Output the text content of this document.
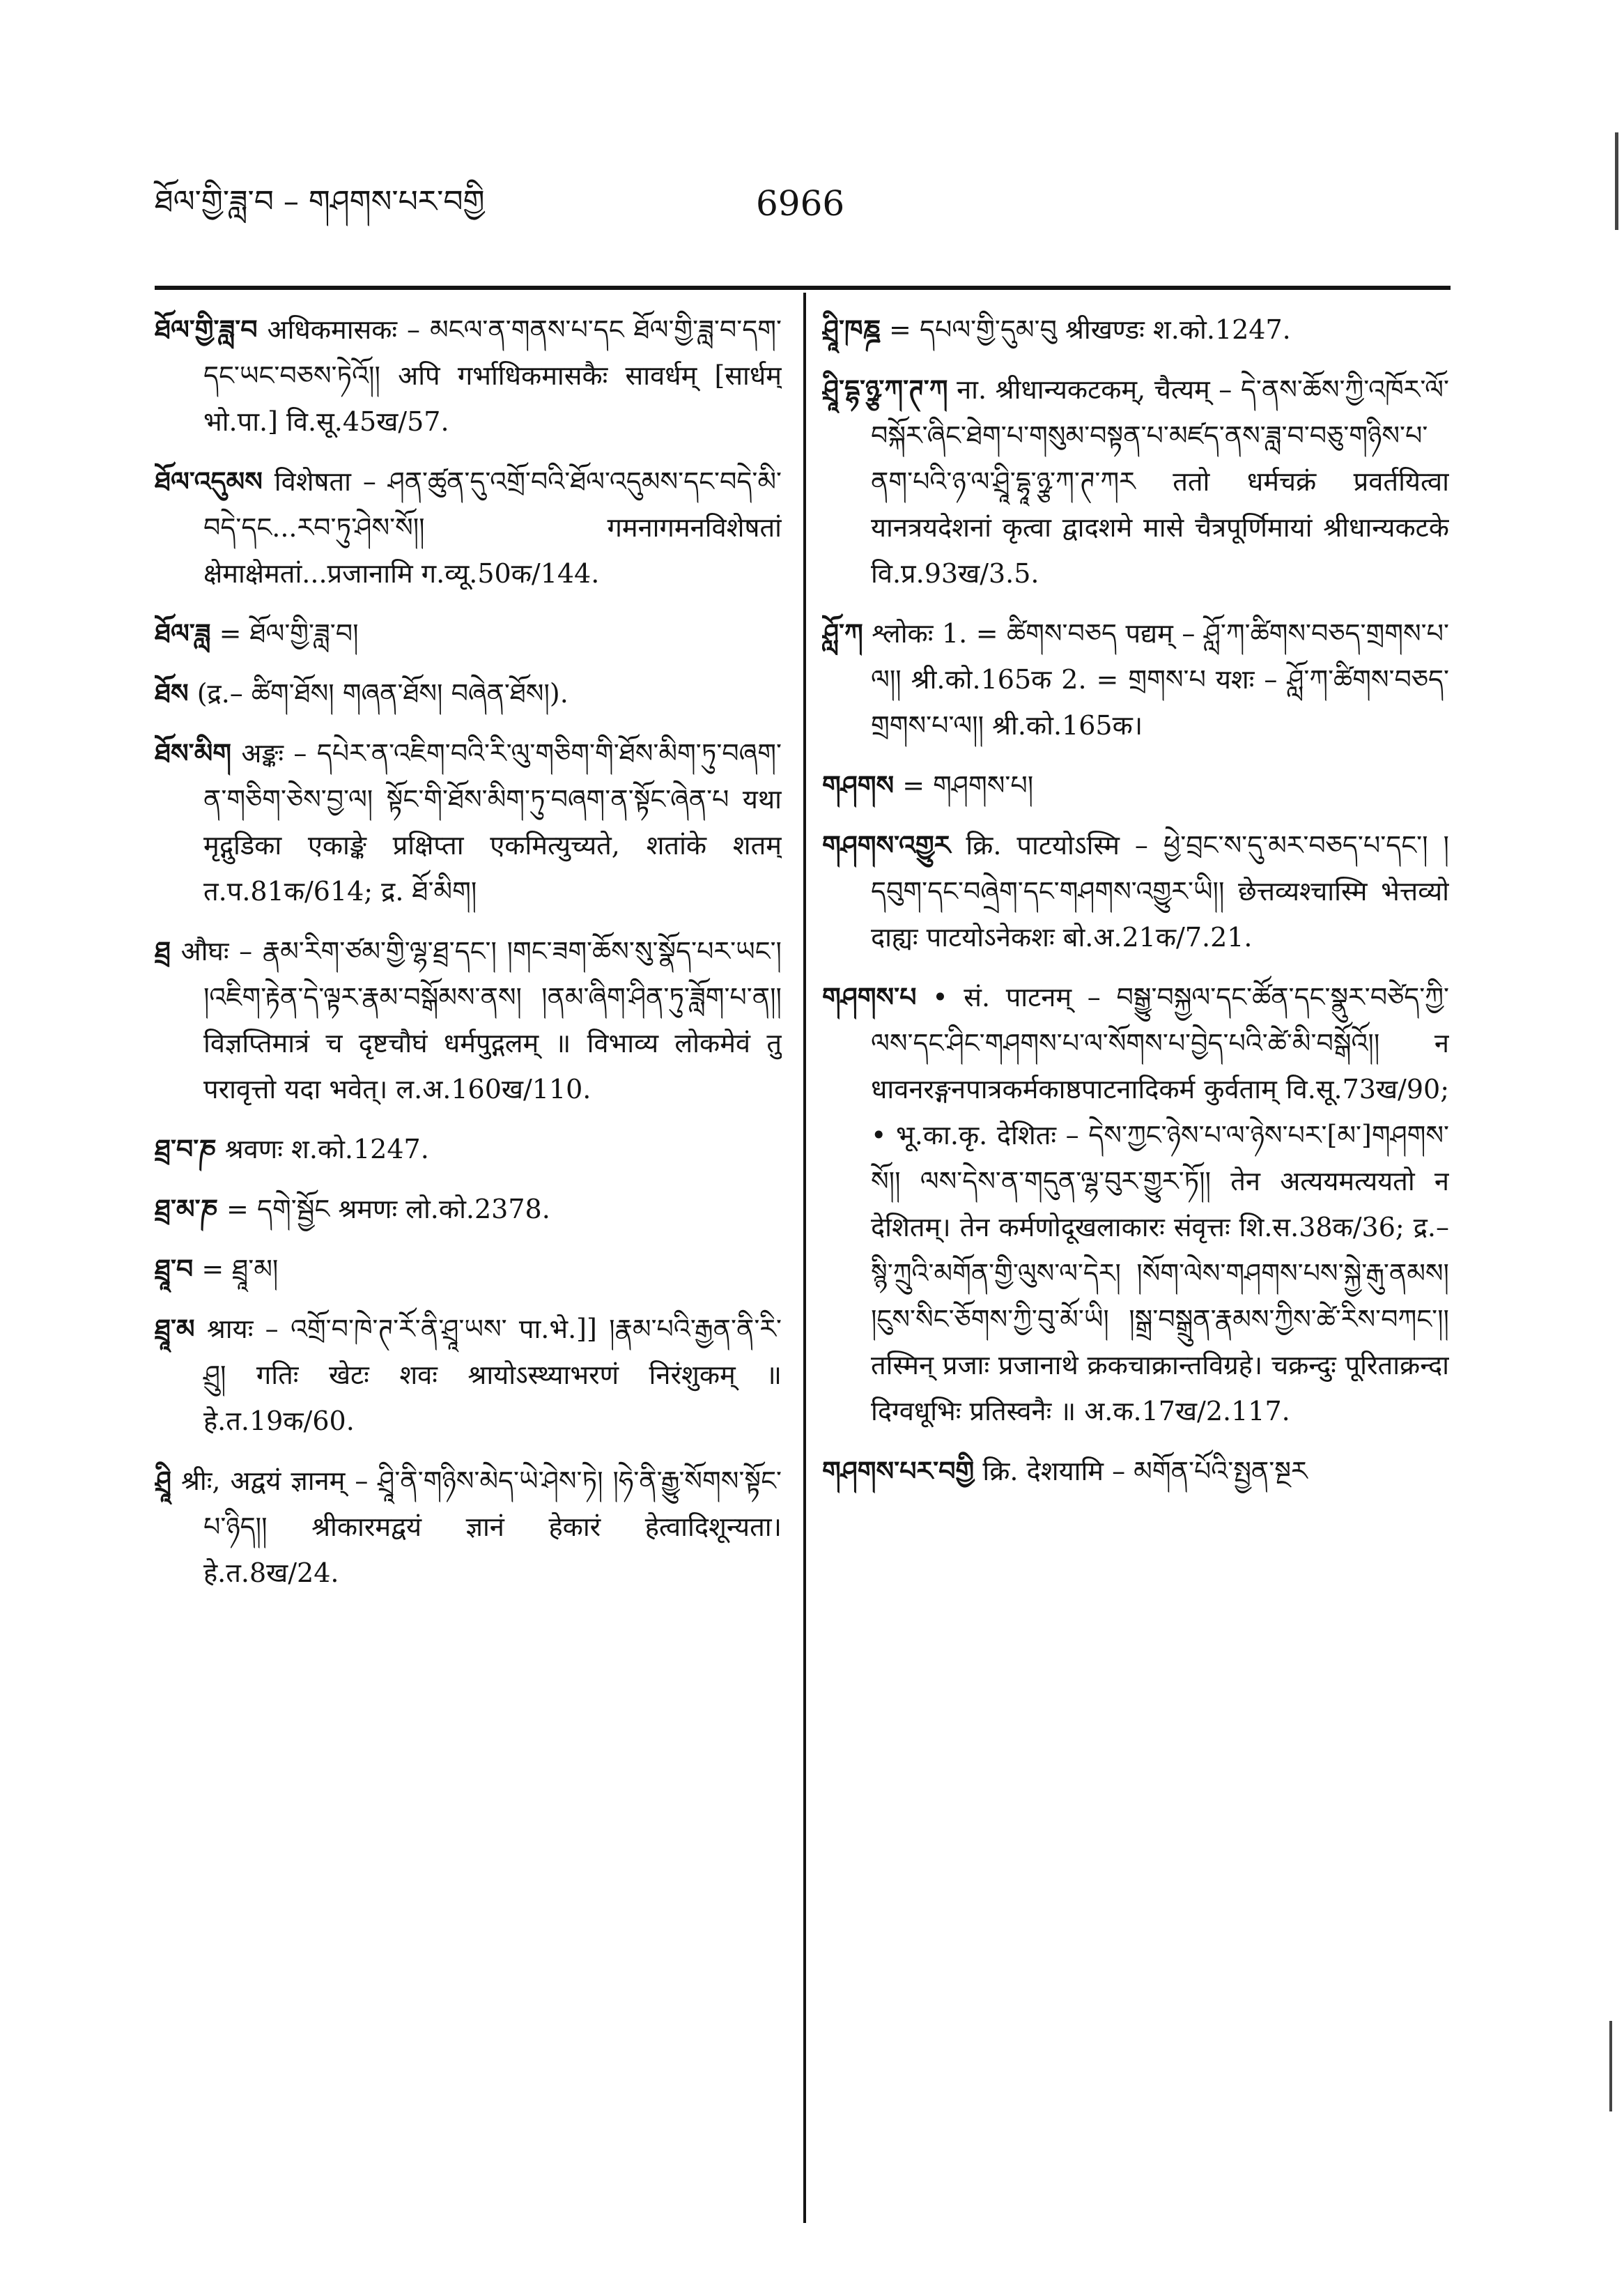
ཐོལ་གྱི་ཟླ་བ – གཤགས་པར་བགྱི	6966

ཐོལ་གྱི་ཟླ་བ अधिकमासकः – མངལ་ན་གནས་པ་དང ཐོལ་གྱི་ཟླ་བ་དག་དང་ཡང་བཅས་ཏེའོ།། अपि गर्भाधिकमासकैः सावर्धम् [सार्धम् भो.पा.] वि.सू.45ख/57.

ཐོལ་འདུམས विशेषता – ཤན་ཚུན་དུ་འགྲོ་བའི་ཐོལ་འདུམས་དང་བདེ་མི་བདེ་དང...རབ་ཏུ་ཤེས་སོ།། गमनागमनविशेषतां क्षेमाक्षेमतां...प्रजानामि ग.व्यू.50क/144.

ཐོལ་ཟླ = ཐོལ་གྱི་ཟླ་བ།

ཐོས (द्र.– ཚིག་ཐོས། གཞན་ཐོས། བཞེན་ཐོས།).

ཐོས་མིག अङ्कः – དཔེར་ན་འཇིག་བའི་རི་ལུ་གཅིག་གི་ཐོས་མིག་ཏུ་བཞག་ན་གཅིག་ཅེས་བྱ་ལ། སྟོང་གི་ཐོས་མིག་ཏུ་བཞག་ན་སྟོང་ཞེན་པ यथा मृद्गुडिका एकाङ्के प्रक्षिप्ता एकमित्युच्यते, शतांके शतम् त.प.81क/614; द्र. ཐོ་མིག།

ཐྲ औघः – རྣམ་རིག་ཙམ་གྱི་ལྷ་ཐྲ་དང་། །གང་ཟག་ཆོས་སུ་སྣོད་པར་ཡང་། །འཇིག་རྟེན་དེ་ལྟར་རྣམ་བསྒོམས་ནས། །ནམ་ཞིག་ཤིན་ཏུ་ཟློག་པ་ན།། विज्ञप्तिमात्रं च दृष्टचौघं धर्मपुद्गलम् ॥ विभाव्य लोकमेवं तु परावृत्तो यदा भवेत्। ल.अ.160ख/110.

ཐྲ་བ་ཎ श्रवणः श.को.1247.

ཐྲ་མ་ཎ = དགེ་སྦྱོང श्रमणः लो.को.2378.

ཐྲཱ་བ = ཐྲཱ་མ།

ཐྲཱ་མ श्रायः – འགྲོ་བ་ཁེ་ཊ་རོ་ནི་ཤྲཱ་ཡས་ पा.भे.]] །རྣམ་པའི་རྒྱན་ནི་རི་ཤྲུ། गतिः खेटः शवः श्रायोऽस्थ्याभरणं निरंशुकम् ॥ हे.त.19क/60.

ཤྲཱི श्रीः, अद्वयं ज्ञानम् – ཤྲཱི་ནི་གཉིས་མེད་ཡེ་ཤེས་ཏེ། །ཧེ་ནི་རྒྱུ་སོགས་སྟོང་པ་ཉིད།། श्रीकारमद्वयं ज्ञानं हेकारं हेत्वादिशून्यता। हे.त.8ख/24.

ཤྲཱི་ཁཎྜ = དཔལ་གྱི་དུམ་བུ श्रीखण्डः श.को.1247.

ཤྲཱི་དྷ་ཉྩ་ཀ་ཊ་ཀ ना. श्रीधान्यकटकम्, चैत्यम् – དེ་ནས་ཆོས་ཀྱི་འཁོར་ལོ་བསྐོར་ཞིང་ཐེག་པ་གསུམ་བསྟན་པ་མཛད་ནས་ཟླ་བ་བཅུ་གཉིས་པ་ནག་པའི་ཉ་ལ་ཤྲཱི་དྷཱ་ཉྩ་ཀ་ཊ་ཀར ततो धर्मचक्रं प्रवर्तयित्वा यानत्रयदेशनां कृत्वा द्वादशमे मासे चैत्रपूर्णिमायां श्रीधान्यकटके वि.प्र.93ख/3.5.

ཤློ་ཀ श्लोकः 1. = ཚིགས་བཅད पद्यम् – ཤློ་ཀ་ཚིགས་བཅད་གྲགས་པ་ལ།། श्री.को.165क 2. = གྲགས་པ यशः – ཤློ་ཀ་ཚིགས་བཅད་གྲགས་པ་ལ།། श्री.को.165क।

གཤགས = གཤགས་པ།

གཤགས་འགྱུར क्रि. पाटयोऽस्मि – ཕྱེ་བྲང་ས་དུ་མར་བཅད་པ་དང་། །དབུག་དང་བཞྲེག་དང་གཤགས་འགྱུར་ཡི།། छेत्तव्यश्चास्मि भेत्तव्यो दाह्यः पाटयोऽनेकशः बो.अ.21क/7.21.

གཤགས་པ • सं. पाटनम् – བསྒྱུ་བསྐྱལ་དང་ཚོན་དང་སྣུར་བཙེད་ཀྱི་ལས་དང་ཤིང་གཤགས་པ་ལ་སོགས་པ་བྱེད་པའི་ཚེ་མི་བསྒོའོ།། न धावनरङ्गनपात्रकर्मकाष्ठपाटनादिकर्म कुर्वताम् वि.सू.73ख/90; • भू.का.कृ. देशितः – དེས་ཀྱང་ཉེས་པ་ལ་ཉེས་པར་[མ་]གཤགས་སོ།། ལས་དེས་ན་གདུན་ལྷ་བུར་གྱུར་ཏོ།། तेन अत्ययमत्ययतो न देशितम्। तेन कर्मणोदूखलाकारः संवृत्तः शि.स.38क/36; द्र.– སྙི་ཀྲུའི་མགོན་གྱི་ལུས་ལ་དེར། །སོག་ལེས་གཤགས་པས་སྐྱེ་རྒུ་ནམས། །ངུས་སིང་ཅོགས་ཀྱི་བུ་མོ་ཡི། །སྒྲ་བསྒྲུན་རྣམས་ཀྱིས་ཚེ་རིས་བཀང་།། तस्मिन् प्रजाः प्रजानाथे क्रकचाक्रान्तविग्रहे। चक्रन्दुः पूरिताक्रन्दा दिग्वधूभिः प्रतिस्वनैः ॥ अ.क.17ख/2.117.

གཤགས་པར་བགྱི क्रि. देशयामि – མགོན་པོའི་སྤྱན་སྔར
